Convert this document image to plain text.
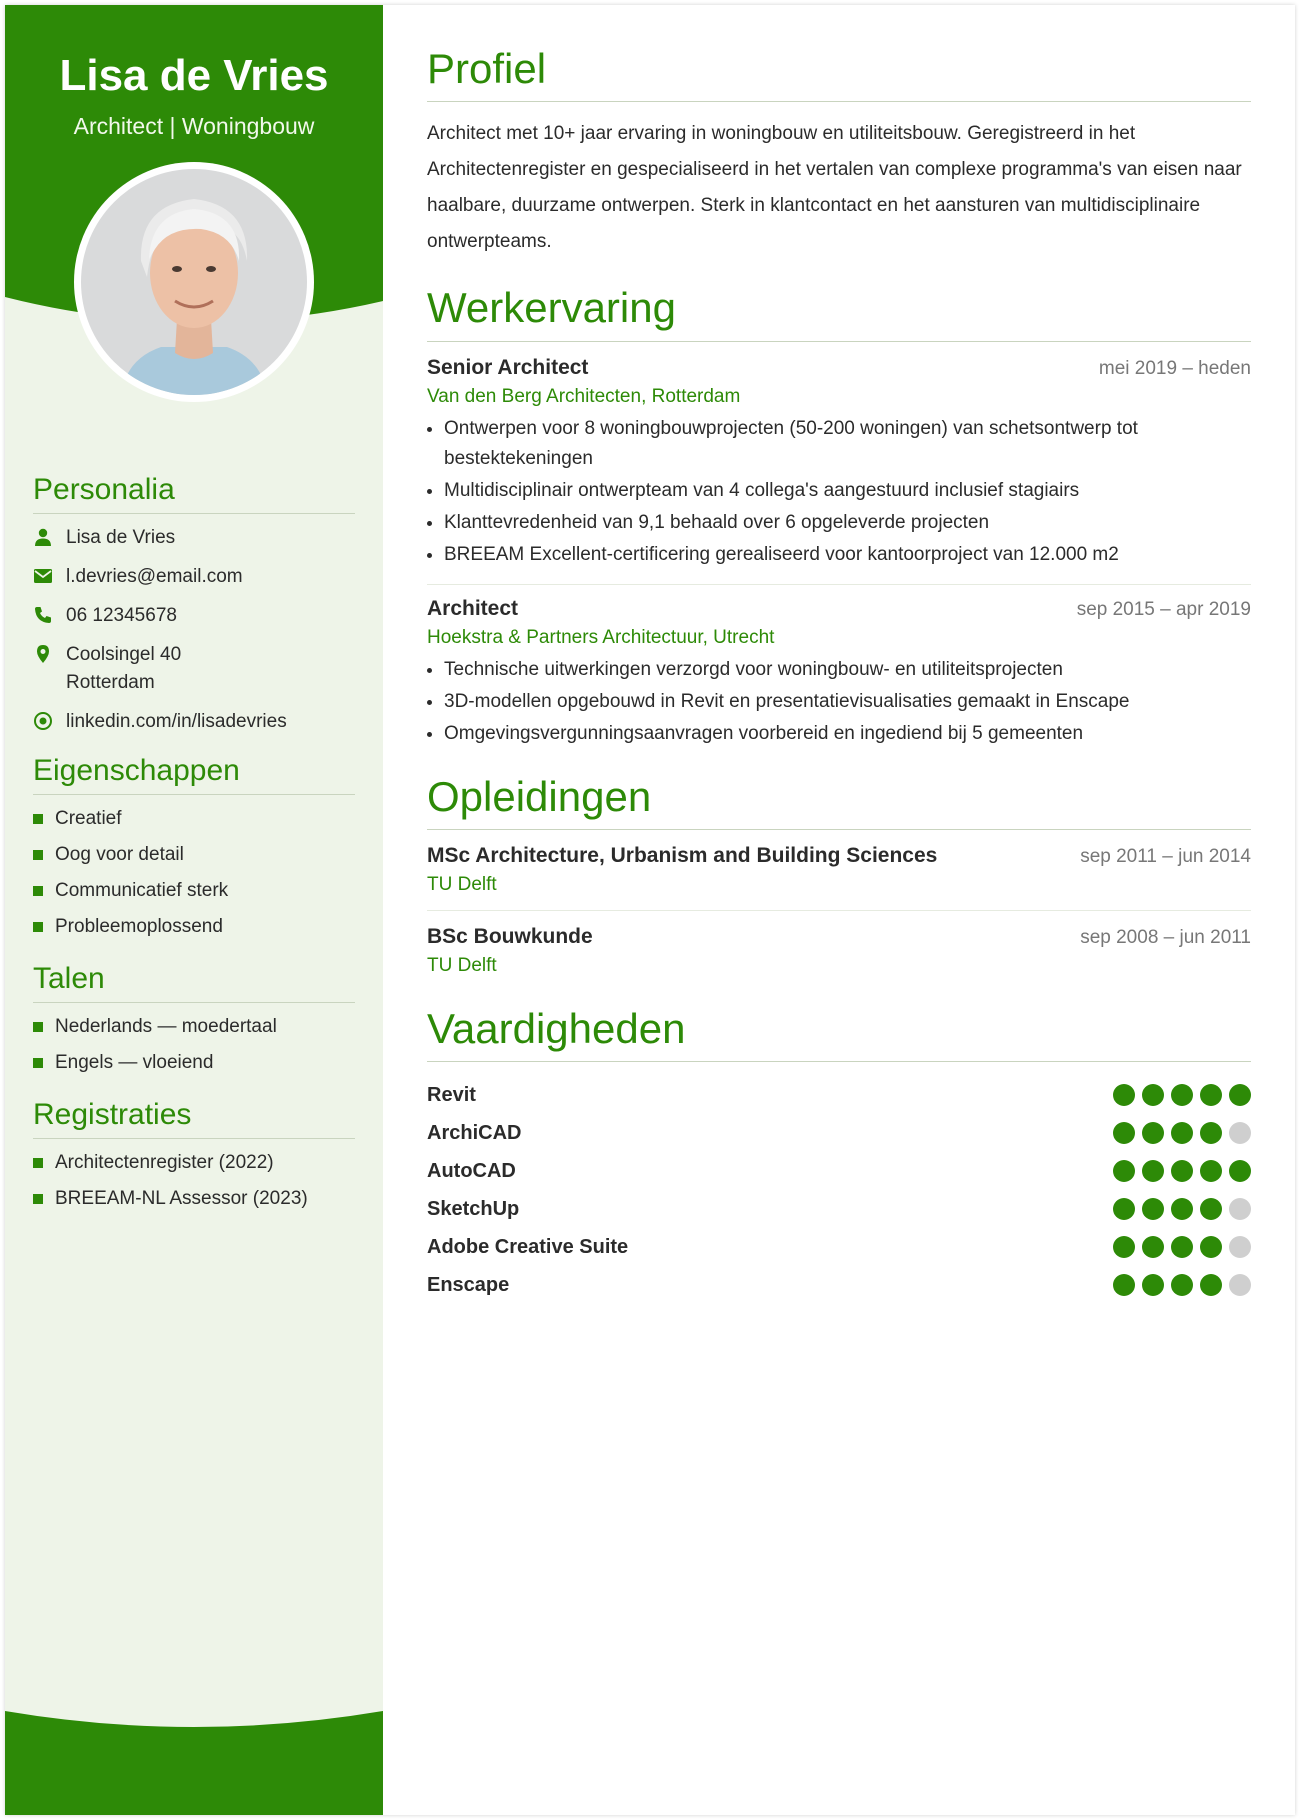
Lisa de Vries
Architect | Woningbouw
Personalia
Lisa de Vries
l.devries@email.com
06 12345678
Coolsingel 40
Rotterdam
linkedin.com/in/lisadevries
Eigenschappen
Creatief
Oog voor detail
Communicatief sterk
Probleemoplossend
Talen
Nederlands — moedertaal
Engels — vloeiend
Registraties
Architectenregister (2022)
BREEAM-NL Assessor (2023)
Profiel

Architect met 10+ jaar ervaring in woningbouw en utiliteitsbouw. Geregistreerd in het Architectenregister en gespecialiseerd in het vertalen van complexe programma's van eisen naar haalbare, duurzame ontwerpen. Sterk in klantcontact en het aansturen van multidisciplinaire ontwerpteams.

Werkervaring
Senior Architect	mei 2019 – heden
Van den Berg Architecten, Rotterdam
• Ontwerpen voor 8 woningbouwprojecten (50-200 woningen) van schetsontwerp tot bestektekeningen
• Multidisciplinair ontwerpteam van 4 collega's aangestuurd inclusief stagiairs
• Klanttevredenheid van 9,1 behaald over 6 opgeleverde projecten
• BREEAM Excellent-certificering gerealiseerd voor kantoorproject van 12.000 m2
Architect	sep 2015 – apr 2019
Hoekstra & Partners Architectuur, Utrecht
• Technische uitwerkingen verzorgd voor woningbouw- en utiliteitsprojecten
• 3D-modellen opgebouwd in Revit en presentatievisualisaties gemaakt in Enscape
• Omgevingsvergunningsaanvragen voorbereid en ingediend bij 5 gemeenten
Opleidingen
MSc Architecture, Urbanism and Building Sciences	sep 2011 – jun 2014
TU Delft
BSc Bouwkunde	sep 2008 – jun 2011
TU Delft
Vaardigheden
Revit
ArchiCAD
AutoCAD
SketchUp
Adobe Creative Suite
Enscape
